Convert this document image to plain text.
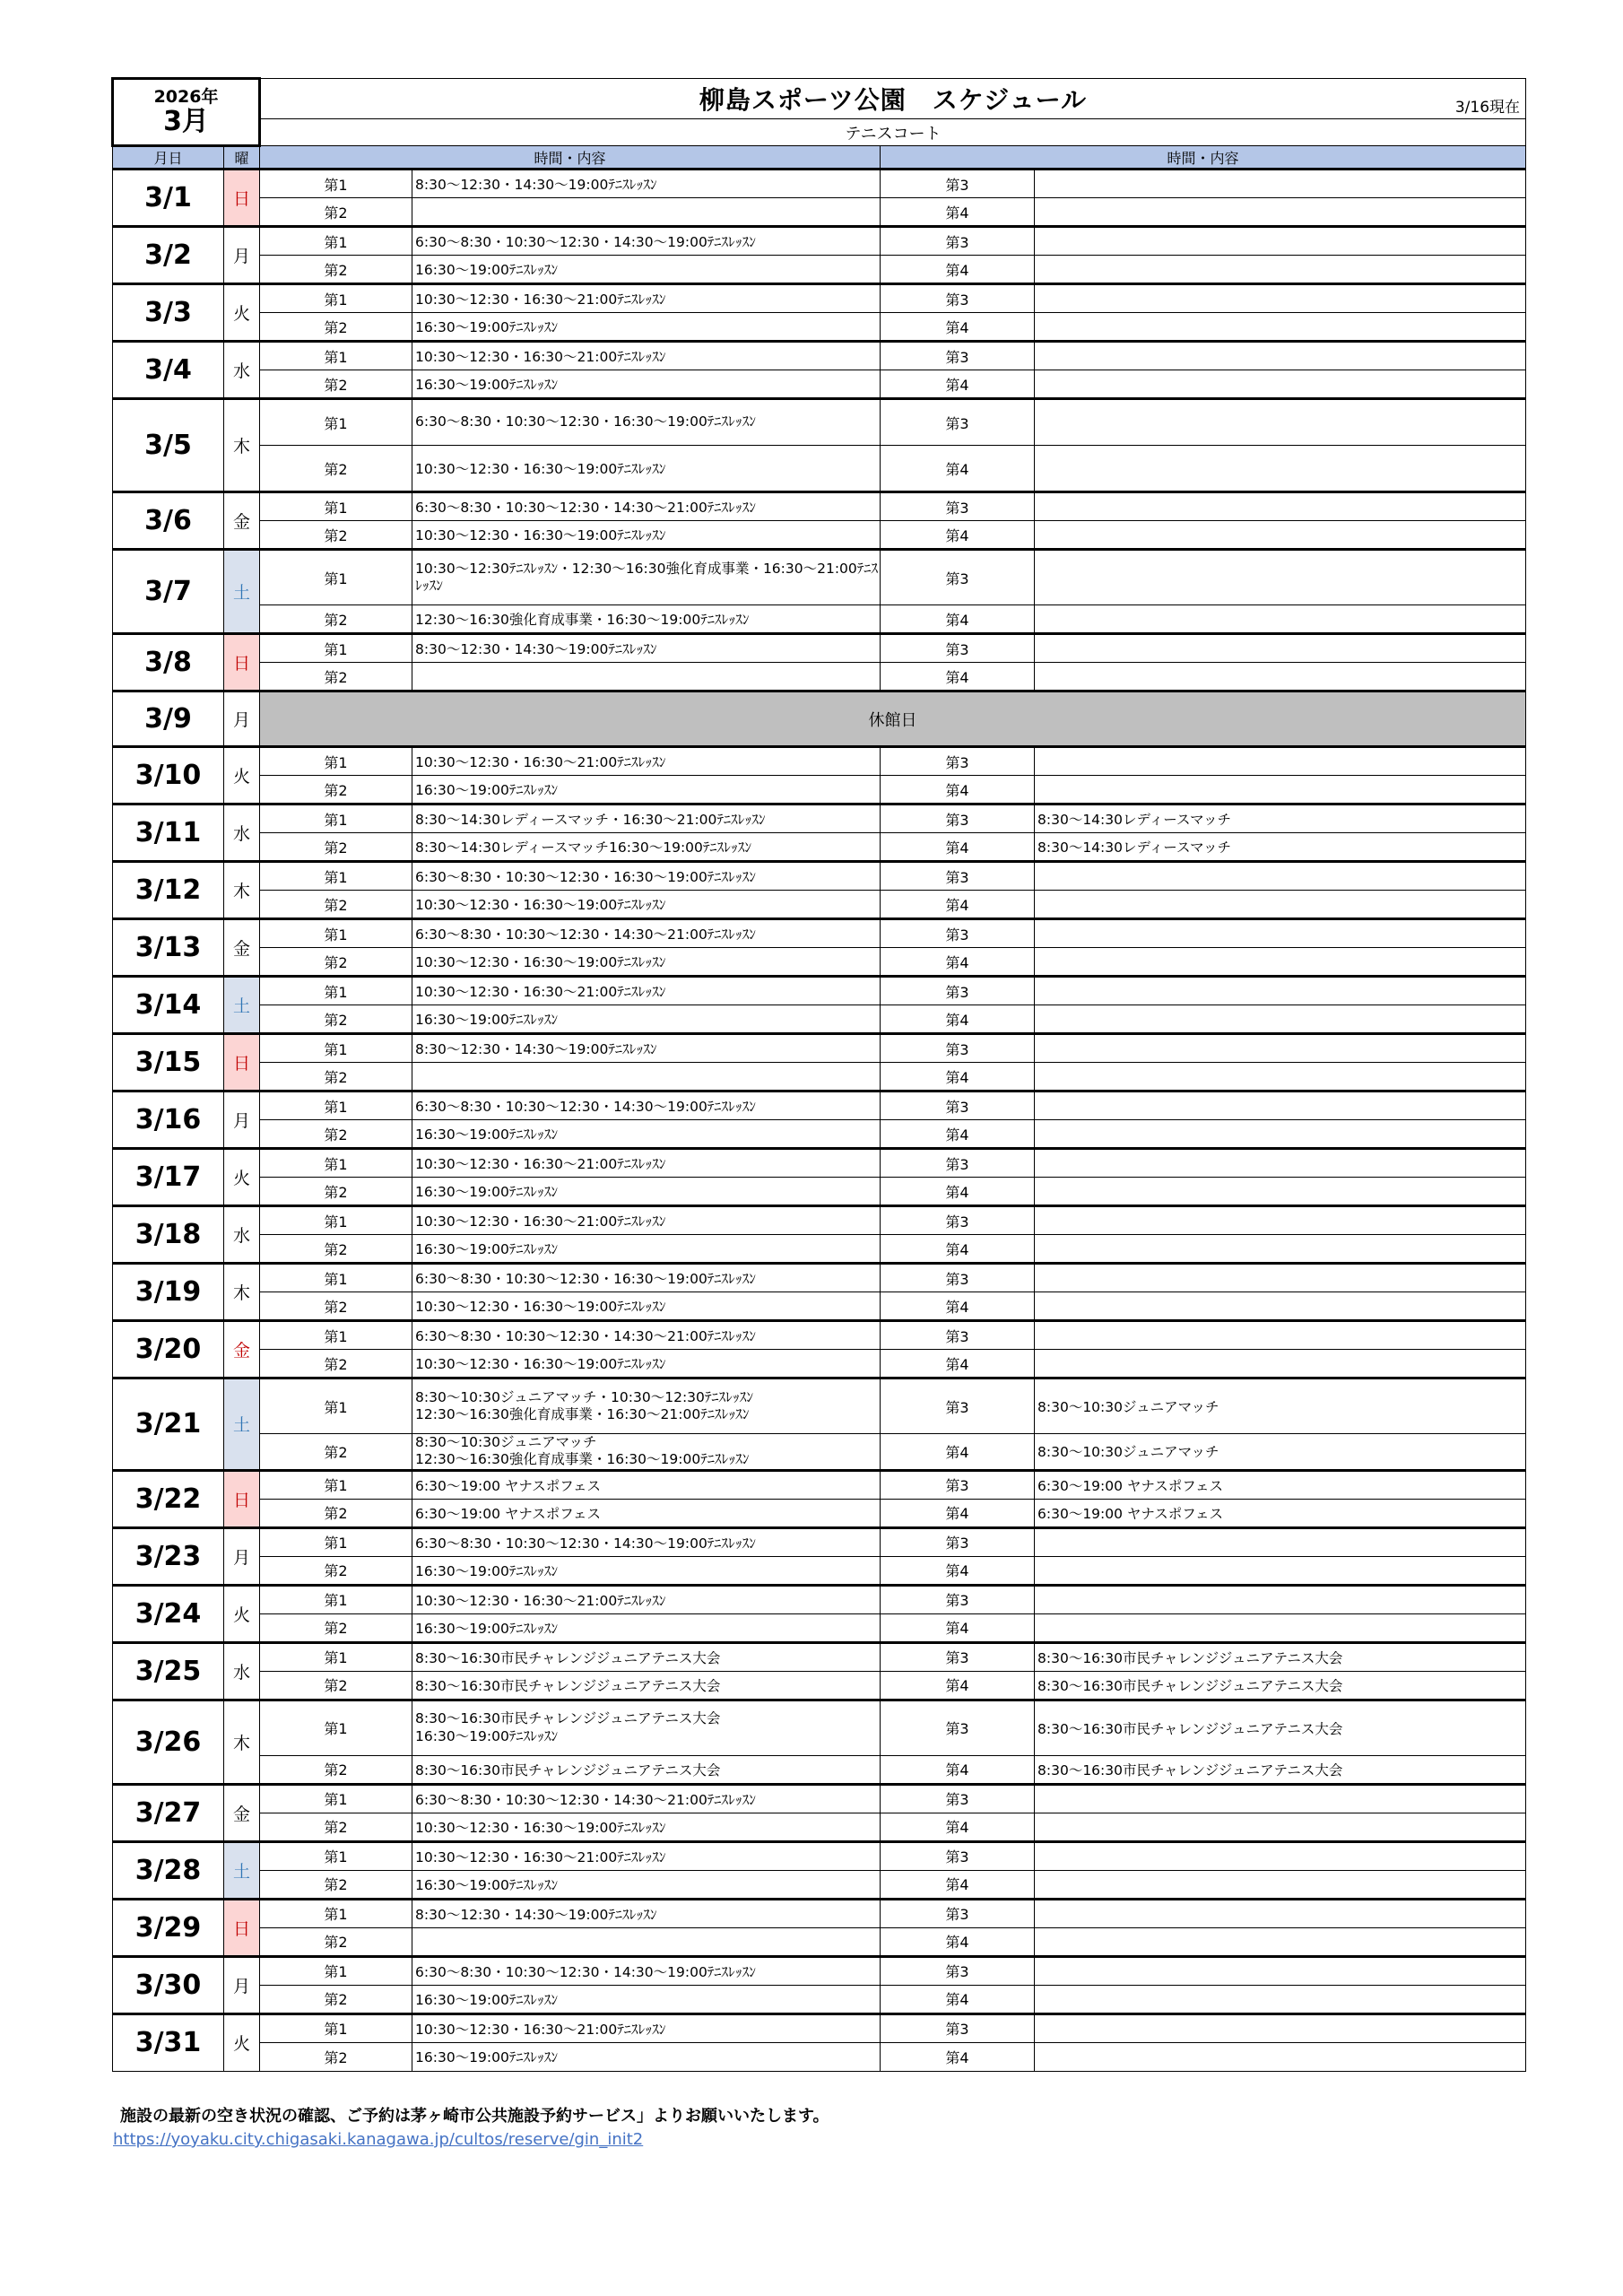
2026年
3月		柳島スポーツ公園　スケジュール 3/16現在			

		テニスコート			
月日	曜	時間・内容		時間・内容	
3/1	日	第1	8:30〜12:30・14:30〜19:00ﾃﾆｽﾚｯｽﾝ	第3	
		第2		第4	
3/2	月	第1	6:30〜8:30・10:30〜12:30・14:30〜19:00ﾃﾆｽﾚｯｽﾝ	第3	
		第2	16:30〜19:00ﾃﾆｽﾚｯｽﾝ	第4	
3/3	火	第1	10:30〜12:30・16:30〜21:00ﾃﾆｽﾚｯｽﾝ	第3	
		第2	16:30〜19:00ﾃﾆｽﾚｯｽﾝ	第4	
3/4	水	第1	10:30〜12:30・16:30〜21:00ﾃﾆｽﾚｯｽﾝ	第3	
		第2	16:30〜19:00ﾃﾆｽﾚｯｽﾝ	第4	
3/5	木	第1	6:30〜8:30・10:30〜12:30・16:30〜19:00ﾃﾆｽﾚｯｽﾝ	第3	
		第2	10:30〜12:30・16:30〜19:00ﾃﾆｽﾚｯｽﾝ	第4	
3/6	金	第1	6:30〜8:30・10:30〜12:30・14:30〜21:00ﾃﾆｽﾚｯｽﾝ	第3	
		第2	10:30〜12:30・16:30〜19:00ﾃﾆｽﾚｯｽﾝ	第4	
3/7	土	第1	10:30〜12:30ﾃﾆｽﾚｯｽﾝ・12:30〜16:30強化育成事業・16:30〜21:00ﾃﾆｽﾚｯｽﾝ	第3	
		第2	12:30〜16:30強化育成事業・16:30〜19:00ﾃﾆｽﾚｯｽﾝ	第4	
3/8	日	第1	8:30〜12:30・14:30〜19:00ﾃﾆｽﾚｯｽﾝ	第3	
		第2		第4	
3/9	月	休館日			
3/10	火	第1	10:30〜12:30・16:30〜21:00ﾃﾆｽﾚｯｽﾝ	第3	
		第2	16:30〜19:00ﾃﾆｽﾚｯｽﾝ	第4	
3/11	水	第1	8:30〜14:30レディースマッチ・16:30〜21:00ﾃﾆｽﾚｯｽﾝ	第3	8:30〜14:30レディースマッチ
		第2	8:30〜14:30レディースマッチ16:30〜19:00ﾃﾆｽﾚｯｽﾝ	第4	8:30〜14:30レディースマッチ
3/12	木	第1	6:30〜8:30・10:30〜12:30・16:30〜19:00ﾃﾆｽﾚｯｽﾝ	第3	
		第2	10:30〜12:30・16:30〜19:00ﾃﾆｽﾚｯｽﾝ	第4	
3/13	金	第1	6:30〜8:30・10:30〜12:30・14:30〜21:00ﾃﾆｽﾚｯｽﾝ	第3	
		第2	10:30〜12:30・16:30〜19:00ﾃﾆｽﾚｯｽﾝ	第4	
3/14	土	第1	10:30〜12:30・16:30〜21:00ﾃﾆｽﾚｯｽﾝ	第3	
		第2	16:30〜19:00ﾃﾆｽﾚｯｽﾝ	第4	
3/15	日	第1	8:30〜12:30・14:30〜19:00ﾃﾆｽﾚｯｽﾝ	第3	
		第2		第4	
3/16	月	第1	6:30〜8:30・10:30〜12:30・14:30〜19:00ﾃﾆｽﾚｯｽﾝ	第3	
		第2	16:30〜19:00ﾃﾆｽﾚｯｽﾝ	第4	
3/17	火	第1	10:30〜12:30・16:30〜21:00ﾃﾆｽﾚｯｽﾝ	第3	
		第2	16:30〜19:00ﾃﾆｽﾚｯｽﾝ	第4	
3/18	水	第1	10:30〜12:30・16:30〜21:00ﾃﾆｽﾚｯｽﾝ	第3	
		第2	16:30〜19:00ﾃﾆｽﾚｯｽﾝ	第4	
3/19	木	第1	6:30〜8:30・10:30〜12:30・16:30〜19:00ﾃﾆｽﾚｯｽﾝ	第3	
		第2	10:30〜12:30・16:30〜19:00ﾃﾆｽﾚｯｽﾝ	第4	
3/20	金	第1	6:30〜8:30・10:30〜12:30・14:30〜21:00ﾃﾆｽﾚｯｽﾝ	第3	
		第2	10:30〜12:30・16:30〜19:00ﾃﾆｽﾚｯｽﾝ	第4	
3/21	土	第1	8:30〜10:30ジュニアマッチ・10:30〜12:30ﾃﾆｽﾚｯｽﾝ
12:30〜16:30強化育成事業・16:30〜21:00ﾃﾆｽﾚｯｽﾝ	第3	8:30〜10:30ジュニアマッチ
		第2	8:30〜10:30ジュニアマッチ
12:30〜16:30強化育成事業・16:30〜19:00ﾃﾆｽﾚｯｽﾝ	第4	8:30〜10:30ジュニアマッチ
3/22	日	第1	6:30〜19:00 ヤナスポフェス	第3	6:30〜19:00 ヤナスポフェス
		第2	6:30〜19:00 ヤナスポフェス	第4	6:30〜19:00 ヤナスポフェス
3/23	月	第1	6:30〜8:30・10:30〜12:30・14:30〜19:00ﾃﾆｽﾚｯｽﾝ	第3	
		第2	16:30〜19:00ﾃﾆｽﾚｯｽﾝ	第4	
3/24	火	第1	10:30〜12:30・16:30〜21:00ﾃﾆｽﾚｯｽﾝ	第3	
		第2	16:30〜19:00ﾃﾆｽﾚｯｽﾝ	第4	
3/25	水	第1	8:30〜16:30市民チャレンジジュニアテニス大会	第3	8:30〜16:30市民チャレンジジュニアテニス大会
		第2	8:30〜16:30市民チャレンジジュニアテニス大会	第4	8:30〜16:30市民チャレンジジュニアテニス大会
3/26	木	第1	8:30〜16:30市民チャレンジジュニアテニス大会
16:30〜19:00ﾃﾆｽﾚｯｽﾝ	第3	8:30〜16:30市民チャレンジジュニアテニス大会
		第2	8:30〜16:30市民チャレンジジュニアテニス大会	第4	8:30〜16:30市民チャレンジジュニアテニス大会
3/27	金	第1	6:30〜8:30・10:30〜12:30・14:30〜21:00ﾃﾆｽﾚｯｽﾝ	第3	
		第2	10:30〜12:30・16:30〜19:00ﾃﾆｽﾚｯｽﾝ	第4	
3/28	土	第1	10:30〜12:30・16:30〜21:00ﾃﾆｽﾚｯｽﾝ	第3	
		第2	16:30〜19:00ﾃﾆｽﾚｯｽﾝ	第4	
3/29	日	第1	8:30〜12:30・14:30〜19:00ﾃﾆｽﾚｯｽﾝ	第3	
		第2		第4	
3/30	月	第1	6:30〜8:30・10:30〜12:30・14:30〜19:00ﾃﾆｽﾚｯｽﾝ	第3	
		第2	16:30〜19:00ﾃﾆｽﾚｯｽﾝ	第4	
3/31	火	第1	10:30〜12:30・16:30〜21:00ﾃﾆｽﾚｯｽﾝ	第3	
		第2	16:30〜19:00ﾃﾆｽﾚｯｽﾝ	第4	
施設の最新の空き状況の確認、ご予約は茅ヶ崎市公共施設予約サービス」よりお願いいたします。
https://yoyaku.city.chigasaki.kanagawa.jp/cultos/reserve/gin_init2
